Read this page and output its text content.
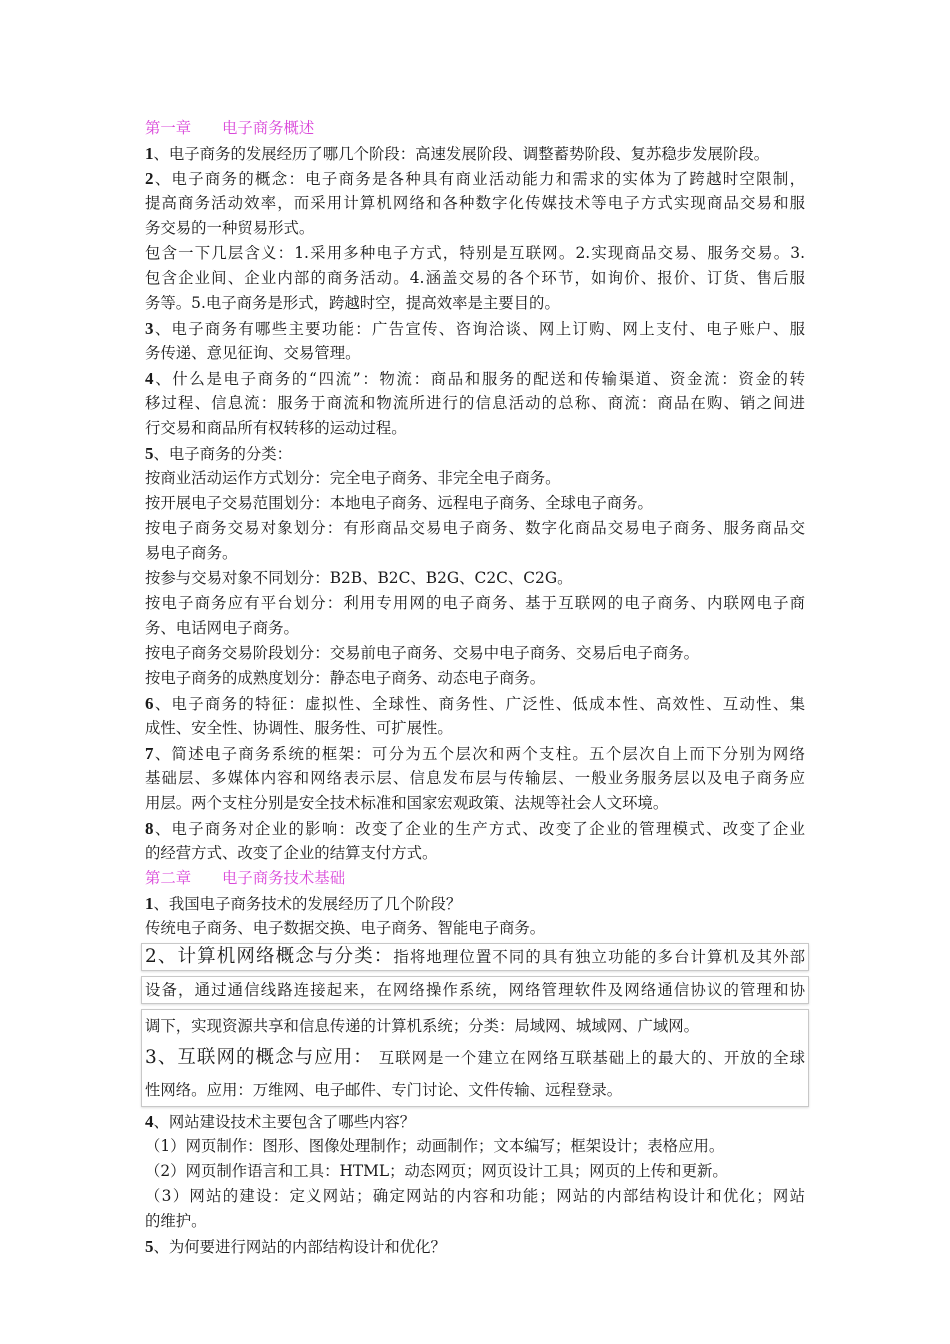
第一章　　电子商务概述
1、电子商务的发展经历了哪几个阶段：高速发展阶段、调整蓄势阶段、复苏稳步发展阶段。
2、电子商务的概念：电子商务是各种具有商业活动能力和需求的实体为了跨越时空限制，
提高商务活动效率，而采用计算机网络和各种数字化传媒技术等电子方式实现商品交易和服
务交易的一种贸易形式。
包含一下几层含义：1.采用多种电子方式，特别是互联网。2.实现商品交易、服务交易。3.
包含企业间、企业内部的商务活动。4.涵盖交易的各个环节，如询价、报价、订货、售后服
务等。5.电子商务是形式，跨越时空，提高效率是主要目的。
3、电子商务有哪些主要功能：广告宣传、咨询洽谈、网上订购、网上支付、电子账户、服
务传递、意见征询、交易管理。
4、什么是电子商务的“四流”：物流：商品和服务的配送和传输渠道、资金流：资金的转
移过程、信息流：服务于商流和物流所进行的信息活动的总称、商流：商品在购、销之间进
行交易和商品所有权转移的运动过程。
5、电子商务的分类：
按商业活动运作方式划分：完全电子商务、非完全电子商务。
按开展电子交易范围划分：本地电子商务、远程电子商务、全球电子商务。
按电子商务交易对象划分：有形商品交易电子商务、数字化商品交易电子商务、服务商品交
易电子商务。
按参与交易对象不同划分：B2B、B2C、B2G、C2C、C2G。
按电子商务应有平台划分：利用专用网的电子商务、基于互联网的电子商务、内联网电子商
务、电话网电子商务。
按电子商务交易阶段划分：交易前电子商务、交易中电子商务、交易后电子商务。
按电子商务的成熟度划分：静态电子商务、动态电子商务。
6、电子商务的特征：虚拟性、全球性、商务性、广泛性、低成本性、高效性、互动性、集
成性、安全性、协调性、服务性、可扩展性。
7、简述电子商务系统的框架：可分为五个层次和两个支柱。五个层次自上而下分别为网络
基础层、多媒体内容和网络表示层、信息发布层与传输层、一般业务服务层以及电子商务应
用层。两个支柱分别是安全技术标准和国家宏观政策、法规等社会人文环境。
8、电子商务对企业的影响：改变了企业的生产方式、改变了企业的管理模式、改变了企业
的经营方式、改变了企业的结算支付方式。
第二章　　电子商务技术基础
1、我国电子商务技术的发展经历了几个阶段？
传统电子商务、电子数据交换、电子商务、智能电子商务。
2、计算机网络概念与分类：指将地理位置不同的具有独立功能的多台计算机及其外部
设备，通过通信线路连接起来，在网络操作系统，网络管理软件及网络通信协议的管理和协
调下，实现资源共享和信息传递的计算机系统；分类：局域网、城域网、广域网。
3、互联网的概念与应用： 互联网是一个建立在网络互联基础上的最大的、开放的全球
性网络。应用：万维网、电子邮件、专门讨论、文件传输、远程登录。
4、网站建设技术主要包含了哪些内容？
（1）网页制作：图形、图像处理制作；动画制作；文本编写；框架设计；表格应用。
（2）网页制作语言和工具：HTML；动态网页；网页设计工具；网页的上传和更新。
（3）网站的建设：定义网站；确定网站的内容和功能；网站的内部结构设计和优化；网站
的维护。
5、为何要进行网站的内部结构设计和优化？
